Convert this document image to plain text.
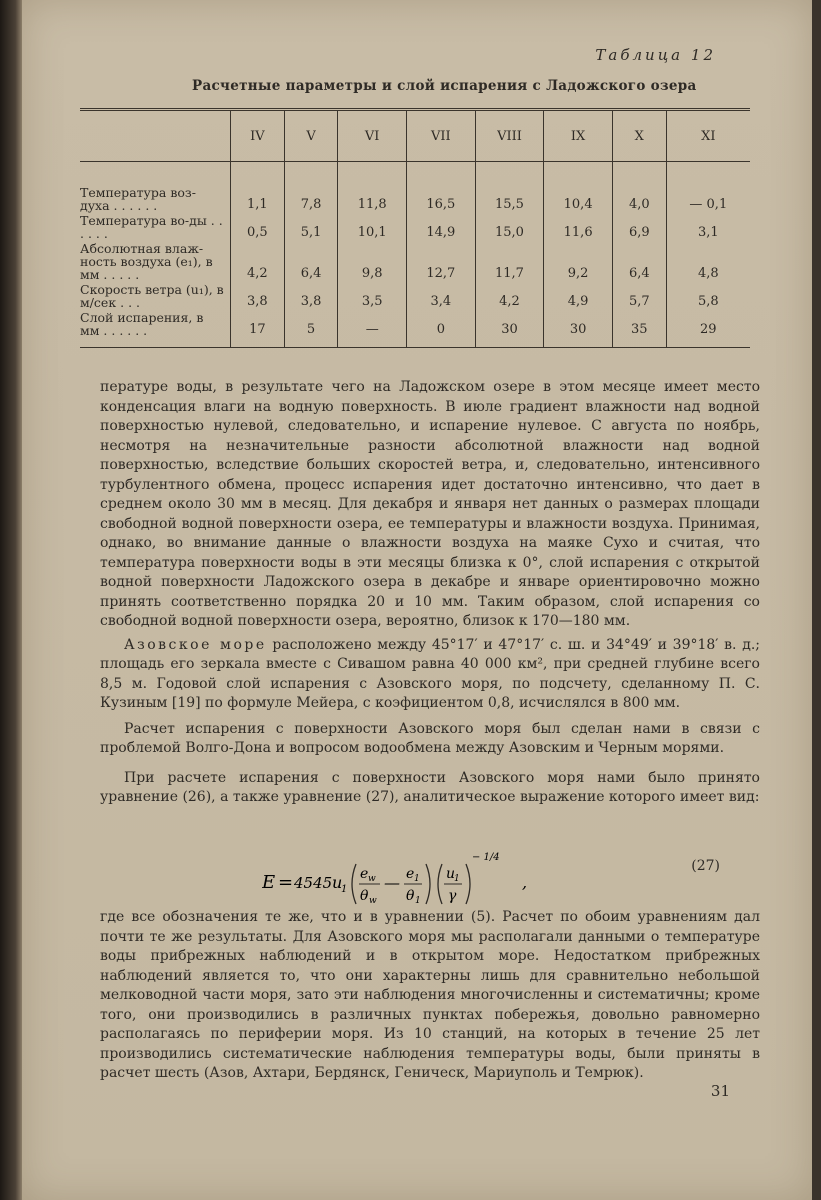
Таблица 12
Расчетные параметры и слой испарения с Ладожского озера
	IV	V	VI	VII	VIII	IX	X	XI
Температура воз-духа . . . . . .	1,1	7,8	11,8	16,5	15,5	10,4	4,0	— 0,1
Температура во-ды . . . . . .	0,5	5,1	10,1	14,9	15,0	11,6	6,9	3,1
Абсолютная влаж-ность воздуха (e₁), в мм . . . . .	4,2	6,4	9,8	12,7	11,7	9,2	6,4	4,8
Скорость ветра (u₁), в м/сек . . .	3,8	3,8	3,5	3,4	4,2	4,9	5,7	5,8
Слой испарения, в мм . . . . . .	17	5	—	0	30	30	35	29

пературе воды, в результате чего на Ладожском озере в этом месяце имеет место конденсация влаги на водную поверхность. В июле градиент влажности над водной поверхностью нулевой, следовательно, и испарение нулевое. С августа по ноябрь, несмотря на незначительные разности абсолютной влажности над водной поверхностью, вследствие больших скоростей ветра, и, следовательно, интенсивного турбулентного обмена, процесс испарения идет достаточно интенсивно, что дает в среднем около 30 мм в месяц. Для декабря и января нет данных о размерах площади свободной водной поверхности озера, ее температуры и влажности воздуха. Принимая, однако, во внимание данные о влажности воздуха на маяке Сухо и считая, что температура поверхности воды в эти месяцы близка к 0°, слой испарения с открытой водной поверхности Ладожского озера в декабре и январе ориентировочно можно принять соответственно порядка 20 и 10 мм. Таким образом, слой испарения со свободной водной поверхности озера, вероятно, близок к 170—180 мм.

Азовское море расположено между 45°17′ и 47°17′ с. ш. и 34°49′ и 39°18′ в. д.; площадь его зеркала вместе с Сивашом равна 40 000 км², при средней глубине всего 8,5 м. Годовой слой испарения с Азовского моря, по подсчету, сделанному П. С. Кузиным [19] по формуле Мейера, с коэфициентом 0,8, исчислялся в 800 мм.

Расчет испарения с поверхности Азовского моря был сделан нами в связи с проблемой Волго-Дона и вопросом водообмена между Азовским и Черным морями.

При расчете испарения с поверхности Азовского моря нами было принято уравнение (26), а также уравнение (27), аналитическое выражение которого имеет вид:

E = 4545 u
1
e w
θ w
— e 1
θ 1
u
1
γ
− 1/4
,
(27)

где все обозначения те же, что и в уравнении (5). Расчет по обоим уравнениям дал почти те же результаты. Для Азовского моря мы располагали данными о температуре воды прибрежных наблюдений и в открытом море. Недостатком прибрежных наблюдений является то, что они характерны лишь для сравнительно небольшой мелководной части моря, зато эти наблюдения многочисленны и систематичны; кроме того, они производились в различных пунктах побережья, довольно равномерно располагаясь по периферии моря. Из 10 станций, на которых в течение 25 лет производились систематические наблюдения температуры воды, были приняты в расчет шесть (Азов, Ахтари, Бердянск, Геническ, Мариуполь и Темрюк).

31
